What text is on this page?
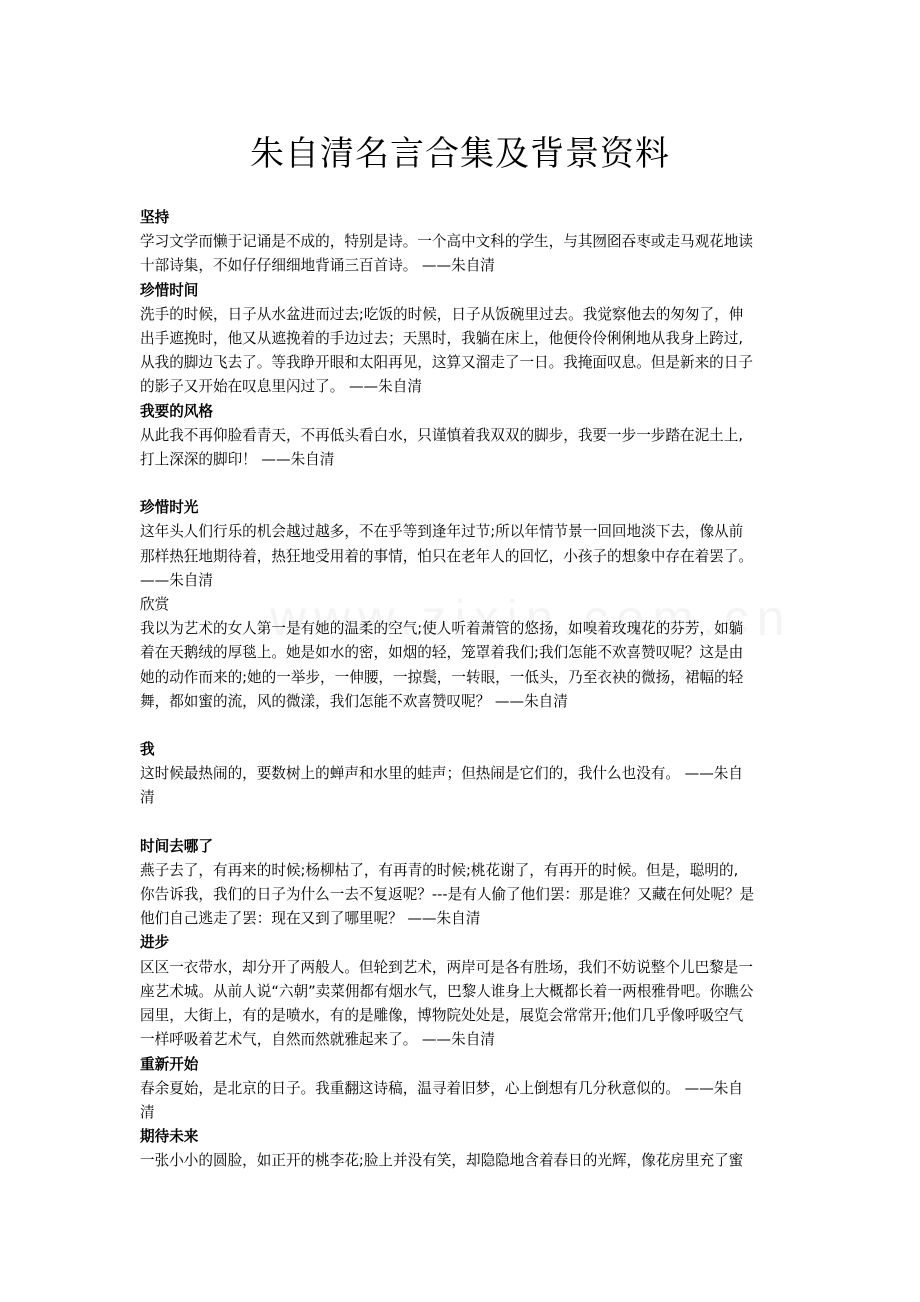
朱自清名言合集及背景资料
坚持
学习文学而懒于记诵是不成的，特别是诗。一个高中文科的学生，与其囫囵吞枣或走马观花地读
十部诗集，不如仔仔细细地背诵三百首诗。 ——朱自清
珍惜时间
洗手的时候，日子从水盆进而过去;吃饭的时候，日子从饭碗里过去。我觉察他去的匆匆了，伸
出手遮挽时，他又从遮挽着的手边过去；天黑时，我躺在床上，他便伶伶俐俐地从我身上跨过,
从我的脚边飞去了。等我睁开眼和太阳再见，这算又溜走了一日。我掩面叹息。但是新来的日子
的影子又开始在叹息里闪过了。 ——朱自清
我要的风格
从此我不再仰脸看青天，不再低头看白水，只谨慎着我双双的脚步，我要一步一步踏在泥土上,
打上深深的脚印！ ——朱自清
珍惜时光
这年头人们行乐的机会越过越多，不在乎等到逢年过节;所以年情节景一回回地淡下去，像从前
那样热狂地期待着，热狂地受用着的事情，怕只在老年人的回忆，小孩子的想象中存在着罢了。
——朱自清
欣赏
我以为艺术的女人第一是有她的温柔的空气;使人听着萧管的悠扬，如嗅着玫瑰花的芬芳，如躺
着在天鹅绒的厚毯上。她是如水的密，如烟的轻，笼罩着我们;我们怎能不欢喜赞叹呢？这是由
她的动作而来的;她的一举步，一伸腰，一掠鬓，一转眼，一低头，乃至衣袂的微扬，裙幅的轻
舞，都如蜜的流，风的微漾，我们怎能不欢喜赞叹呢？ ——朱自清
我
这时候最热闹的，要数树上的蝉声和水里的蛙声；但热闹是它们的，我什么也没有。 ——朱自
清
时间去哪了
燕子去了，有再来的时候;杨柳枯了，有再青的时候;桃花谢了，有再开的时候。但是，聪明的,
你告诉我，我们的日子为什么一去不复返呢？---是有人偷了他们罢：那是谁？又藏在何处呢？是
他们自己逃走了罢：现在又到了哪里呢？ ——朱自清
进步
区区一衣带水，却分开了两般人。但轮到艺术，两岸可是各有胜场，我们不妨说整个儿巴黎是一
座艺术城。从前人说“六朝”卖菜佣都有烟水气，巴黎人谁身上大概都长着一两根雅骨吧。你瞧公
园里，大街上，有的是喷水，有的是雕像，博物院处处是，展览会常常开;他们几乎像呼吸空气
一样呼吸着艺术气，自然而然就雅起来了。 ——朱自清
重新开始
春余夏始，是北京的日子。我重翻这诗稿，温寻着旧梦，心上倒想有几分秋意似的。 ——朱自
清
期待未来
一张小小的圆脸，如正开的桃李花;脸上并没有笑，却隐隐地含着春日的光辉，像花房里充了蜜
